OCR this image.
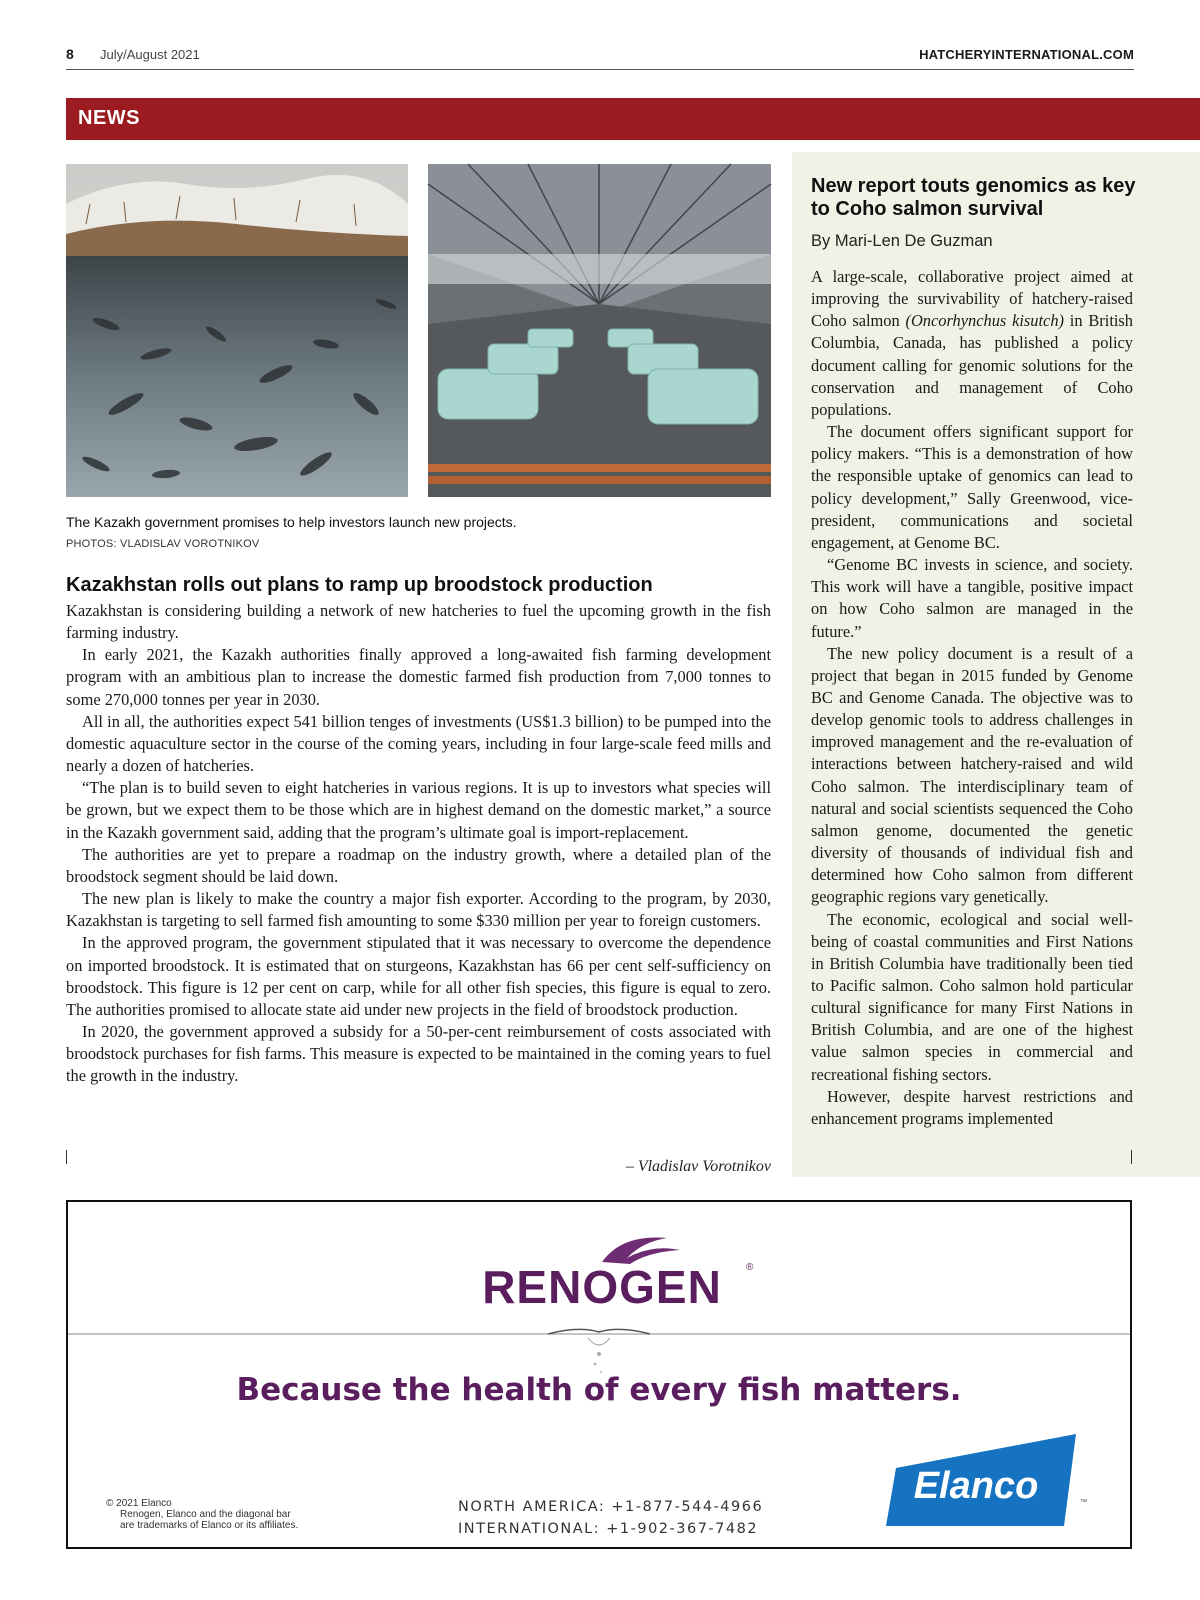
8 July/August 2021	HATCHERYINTERNATIONAL.COM
NEWS
The Kazakh government promises to help investors launch new projects.
PHOTOS: VLADISLAV VOROTNIKOV
Kazakhstan rolls out plans to ramp up broodstock production

Kazakhstan is considering building a network of new hatcheries to fuel the upcoming growth in the fish farming industry.

In early 2021, the Kazakh authorities finally approved a long-awaited fish farming development program with an ambitious plan to increase the domestic farmed fish production from 7,000 tonnes to some 270,000 tonnes per year in 2030.

All in all, the authorities expect 541 billion tenges of investments (US$1.3 billion) to be pumped into the domestic aquaculture sector in the course of the coming years, including in four large-scale feed mills and nearly a dozen of hatcheries.

“The plan is to build seven to eight hatcheries in various regions. It is up to investors what species will be grown, but we expect them to be those which are in highest demand on the domestic market,” a source in the Kazakh government said, adding that the program’s ultimate goal is import-replacement.

The authorities are yet to prepare a roadmap on the industry growth, where a detailed plan of the broodstock segment should be laid down.

The new plan is likely to make the country a major fish exporter. According to the program, by 2030, Kazakhstan is targeting to sell farmed fish amounting to some $330 million per year to foreign customers.

In the approved program, the government stipulated that it was necessary to overcome the dependence on imported broodstock. It is estimated that on sturgeons, Kazakhstan has 66 per cent self-sufficiency on broodstock. This figure is 12 per cent on carp, while for all other fish species, this figure is equal to zero. The authorities promised to allocate state aid under new projects in the field of broodstock production.

In 2020, the government approved a subsidy for a 50-per-cent reimbursement of costs associated with broodstock purchases for fish farms. This measure is expected to be maintained in the coming years to fuel the growth in the industry.

– Vladislav Vorotnikov
New report touts genomics as key to Coho salmon survival
By Mari-Len De Guzman

A large-scale, collaborative project aimed at improving the survivability of hatchery-raised Coho salmon (Oncorhynchus kisutch) in British Columbia, Canada, has published a policy document calling for genomic solutions for the conservation and management of Coho populations.

The document offers significant support for policy makers. “This is a demonstration of how the responsible uptake of genomics can lead to policy development,” Sally Greenwood, vice-president, communications and societal engagement, at Genome BC.

“Genome BC invests in science, and society. This work will have a tangible, positive impact on how Coho salmon are managed in the future.”

The new policy document is a result of a project that began in 2015 funded by Genome BC and Genome Canada. The objective was to develop genomic tools to address challenges in improved management and the re-evaluation of interactions between hatchery-raised and wild Coho salmon. The interdisciplinary team of natural and social scientists sequenced the Coho salmon genome, documented the genetic diversity of thousands of individual fish and determined how Coho salmon from different geographic regions vary genetically.

The economic, ecological and social well-being of coastal communities and First Nations in British Columbia have traditionally been tied to Pacific salmon. Coho salmon hold particular cultural significance for many First Nations in British Columbia, and are one of the highest value salmon species in commercial and recreational fishing sectors.

However, despite harvest restrictions and enhancement programs implemented

RENOGEN	®
Because the health of every fish matters.
© 2021 Elanco
Renogen, Elanco and the diagonal bar
are trademarks of Elanco or its affiliates.
NORTH AMERICA: +1-877-544-4966
INTERNATIONAL: +1-902-367-7482
Elanco	™
